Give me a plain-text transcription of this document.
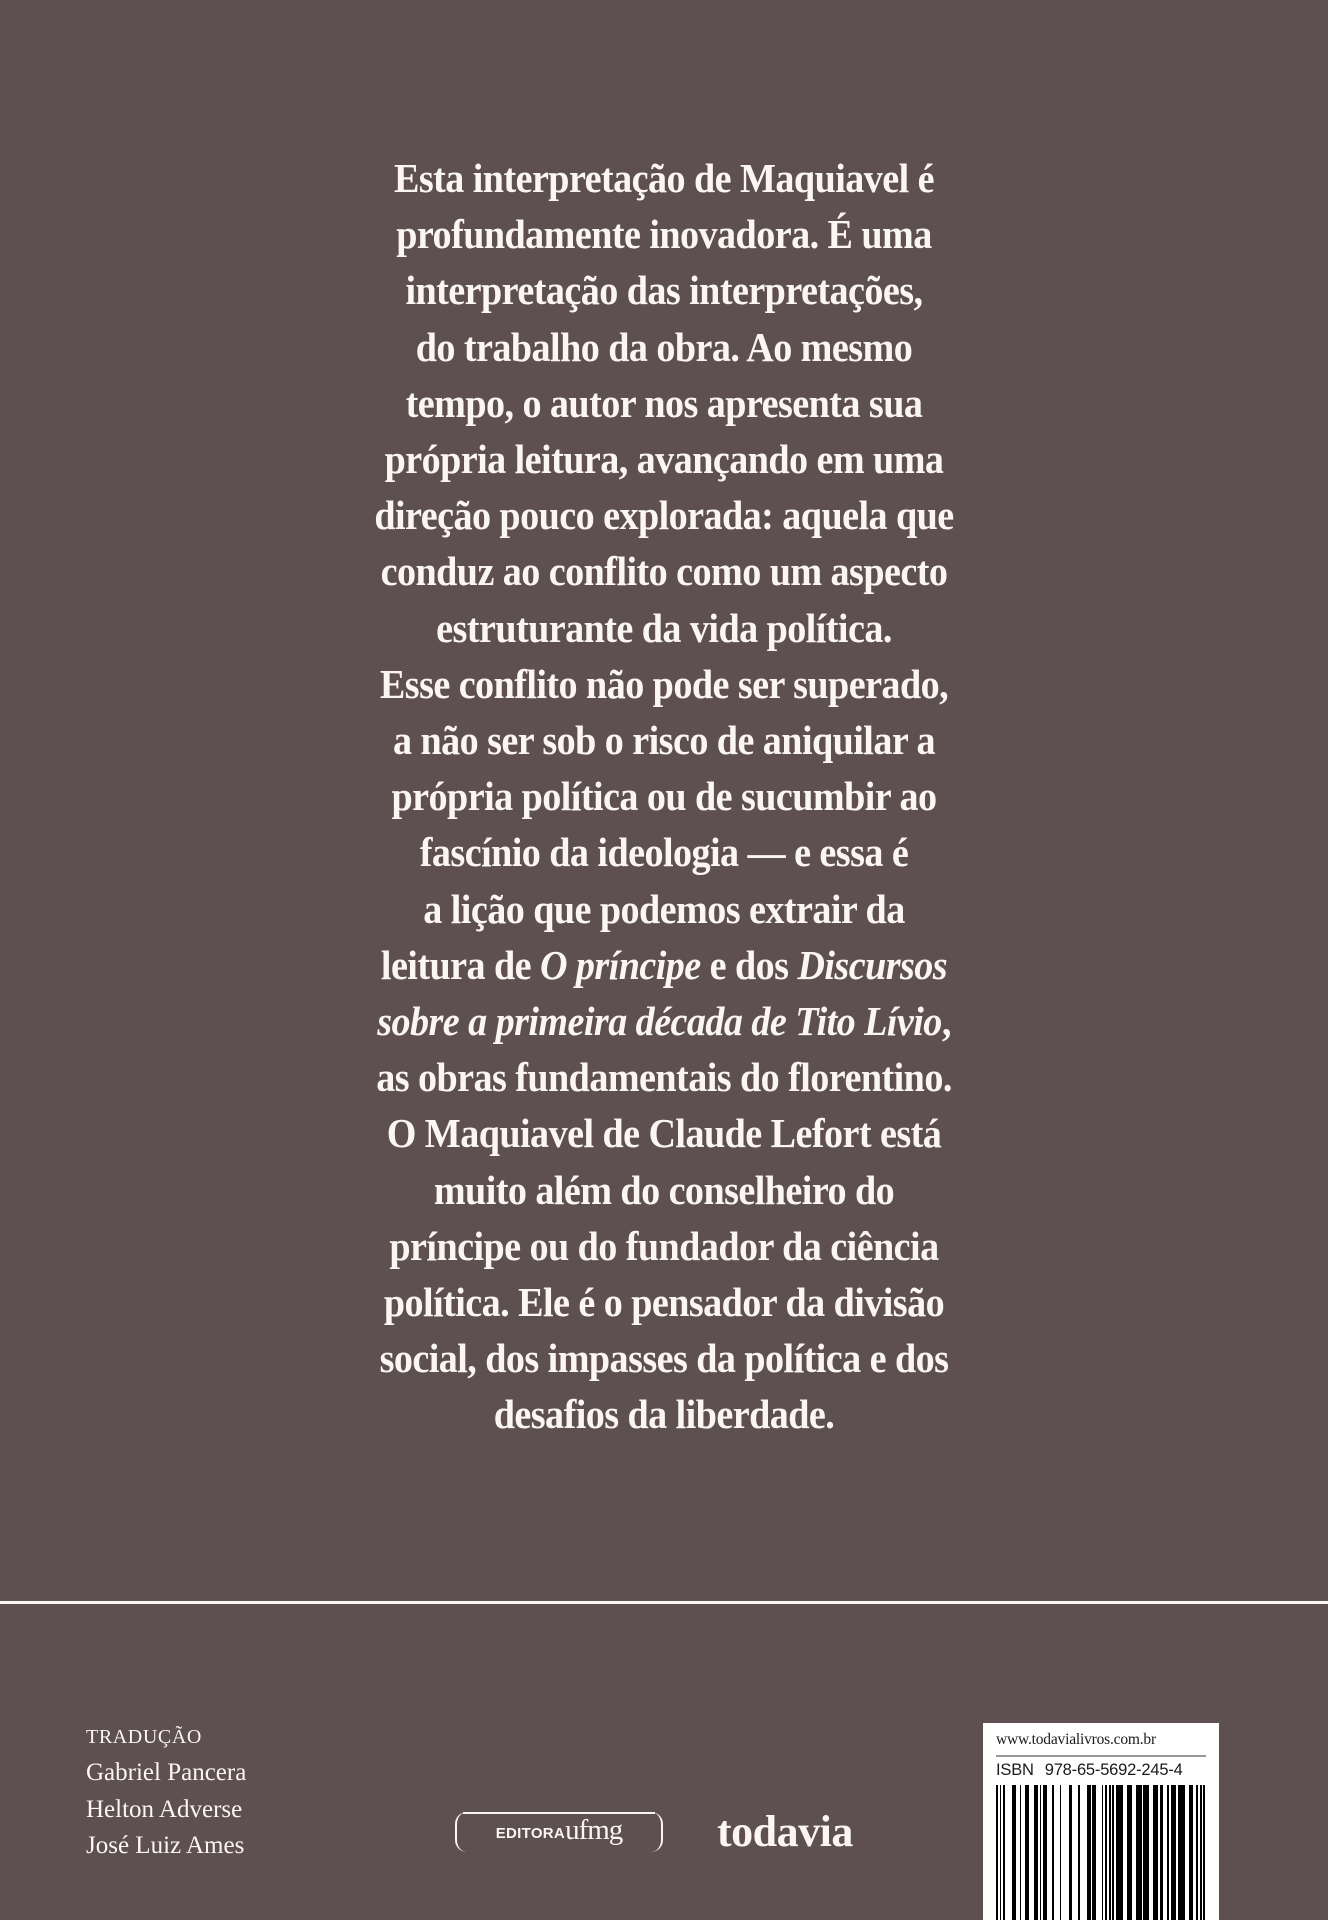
Esta interpretação de Maquiavel é
profundamente inovadora. É uma
interpretação das interpretações,
do trabalho da obra. Ao mesmo
tempo, o autor nos apresenta sua
própria leitura, avançando em uma
direção pouco explorada: aquela que
conduz ao conflito como um aspecto
estruturante da vida política.
Esse conflito não pode ser superado,
a não ser sob o risco de aniquilar a
própria política ou de sucumbir ao
fascínio da ideologia — e essa é
a lição que podemos extrair da
leitura de O príncipe e dos Discursos
sobre a primeira década de Tito Lívio,
as obras fundamentais do florentino.
O Maquiavel de Claude Lefort está
muito além do conselheiro do
príncipe ou do fundador da ciência
política. Ele é o pensador da divisão
social, dos impasses da política e dos
desafios da liberdade.
TRADUÇÃO
Gabriel Pancera
Helton Adverse
José Luiz Ames	EDITORA ufmg todavia
www.todavialivros.com.br
ISBN 978-65-5692-245-4
